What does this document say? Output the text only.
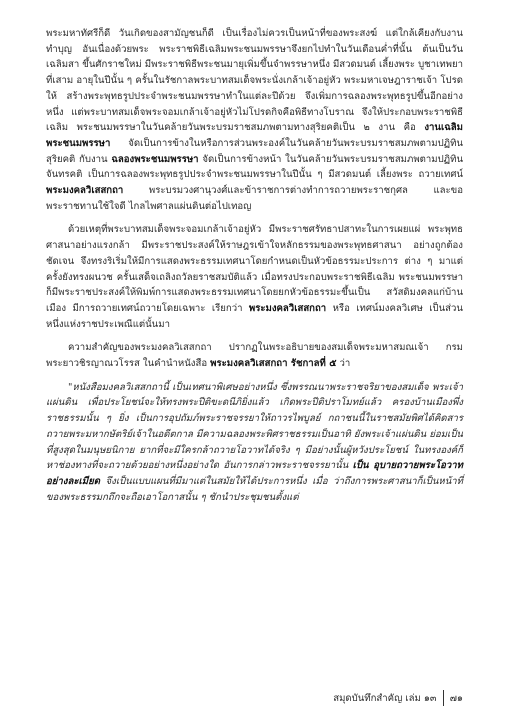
พระมหาทัศรีก็ดี วันเกิดของสามัญชนก็ดี เป็นเรื่องไม่ควรเป็นหน้าที่ของพระสงฆ์ แต่ใกล้เคียงกับงานทำบุญ อันเนื่องด้วยพระ พระราชพิธีเฉลิมพระชนมพรรษาจึงยกไปทำในวันเดือนค่ำที่นั้น ต้นเป็นวันเฉลิมสา ขึ้นศักราชใหม่ มีพระราชพิธีพระชนมายุเพิ่มขึ้นจำพรรษาหนึ่ง มีสวดมนต์ เลี้ยงพระ บูชาเทพยาที่เสาม อายุในปีนั้น ๆ ครั้นในรัชกาลพระบาทสมเด็จพระนั่งเกล้าเจ้าอยู่หัว พระมหาเจษฎาราชเจ้า โปรดให้ สร้างพระพุทธรูปประจำพระชนมพรรษาทำในแต่ละปีด้วย จึงเพิ่มการฉลองพระพุทธรูปขึ้นอีกอย่างหนึ่ง แต่พระบาทสมเด็จพระจอมเกล้าเจ้าอยู่หัวไม่โปรดกิจคือพิธีทางโบราณ จึงให้ประกอบพระราชพิธีเฉลิม พระชนมพรรษาในวันคล้ายวันพระบรมราชสมภพตามทางสุริยคติเป็น ๒ งาน คือ งานเฉลิมพระชนมพรรษา จัดเป็นการข้างในหรือการส่วนพระองค์ในวันคล้ายวันพระบรมราชสมภพตามปฏิทินสุริยคติ กับงาน ฉลองพระชนมพรรษา จัดเป็นการข้างหน้า ในวันคล้ายวันพระบรมราชสมภพตามปฏิทินจันทรคติ เป็นการฉลองพระพุทธรูปประจำพระชนมพรรษาในปีนั้น ๆ มีสวดมนต์ เลี้ยงพระ ถวายเทศน์ พระมงคลวิเสสกถา พระบรมวงศานุวงศ์และข้าราชการต่างทำการถวายพระราชกุศล และขอพระราชทานใช้ใจดี ไกลไพศาลแผ่นดินต่อไปเทอญ

ด้วยเหตุที่พระบาทสมเด็จพระจอมเกล้าเจ้าอยู่หัว มีพระราชศรัทธาปสาทะในการเผยแผ่ พระพุทธศาสนาอย่างแรงกล้า มีพระราชประสงค์ให้ราษฎรเข้าใจหลักธรรมของพระพุทธศาสนา อย่างถูกต้องชัดเจน จึงทรงริเริ่มให้มีการแสดงพระธรรมเทศนาโดยกำหนดเป็นหัวข้อธรรมะประการ ต่าง ๆ มาแต่ครั้งยังทรงผนวช ครั้นเสด็จเถลิงถวัลยราชสมบัติแล้ว เมื่อทรงประกอบพระราชพิธีเฉลิม พระชนมพรรษา ก็มีพระราชประสงค์ให้พิมพ์การแสดงพระธรรมเทศนาโดยยกหัวข้อธรรมะขึ้นเป็น สวัสดิมงคลแก่บ้านเมือง มีการถวายเทศน์ถวายโดยเฉพาะ เรียกว่า พระมงคลวิเสสกถา หรือ เทศน์มงคลวิเศษ เป็นส่วน หนึ่งแห่งราชประเพณีแต่นั้นมา

ความสำคัญของพระมงคลวิเสสกถา ปรากฏในพระอธิบายของสมเด็จพระมหาสมณเจ้า กรม พระยาวชิรญาณวโรรส ในคำนำหนังสือ พระมงคลวิเสสกถา รัชกาลที่ ๕ ว่า

"หนังสือมงคลวิเสสกถานี้ เป็นเทศนาพิเศษอย่างหนึ่ง ซึ่งพรรณนาพระราชจริยาของสมเด็จ พระเจ้าแผ่นดิน เพื่อประโยชน์จะให้ทรงพระปีติขะดนีภิยิ่งแล้ว เกิดพระปีติปราโมทย์แล้ว ครองบ้านเมืองพึ่ง ราชธรรมนั้น ๆ ยิ่ง เป็นการอุปถัมภ์พระราชจรรยาให้ถาวรไพบูลย์ กถาชนนี้ในราชสมัยพิศได้คิดสาร ถวายพระมหากษัตริย์เจ้าในอดีตกาล มีความฉลองพระพิศราชธรรมเป็นอาทิ ยังพระเจ้าแผ่นดิน ย่อมเป็นที่สูงสุดในมนุษยนิกาย ยากที่จะมีใครกล้าถวายโอวาทได้จริง ๆ มีอย่างนั้นผู้หวังประโยชน์ ในทรงองค์ก็หาช่องทางที่จะถวายด้วยอย่างหนึ่งอย่างใด อันการกล่าวพระราชจรรยานั้น เป็น อุบายถวายพระโอวาทอย่างละเมียด จึงเป็นแบบแผนที่มีมาแต่ในสมัยให้ได้ประการหนึ่ง เมื่อ ว่าถึงการพระศาสนาก็เป็นหน้าที่ของพระธรรมกถึกจะถือเอาโอกาสนั้น ๆ ชักนำประชุมชนตั้งแต่

สมุดบันทึกสำคัญ เล่ม ๑๓ ๗๑
